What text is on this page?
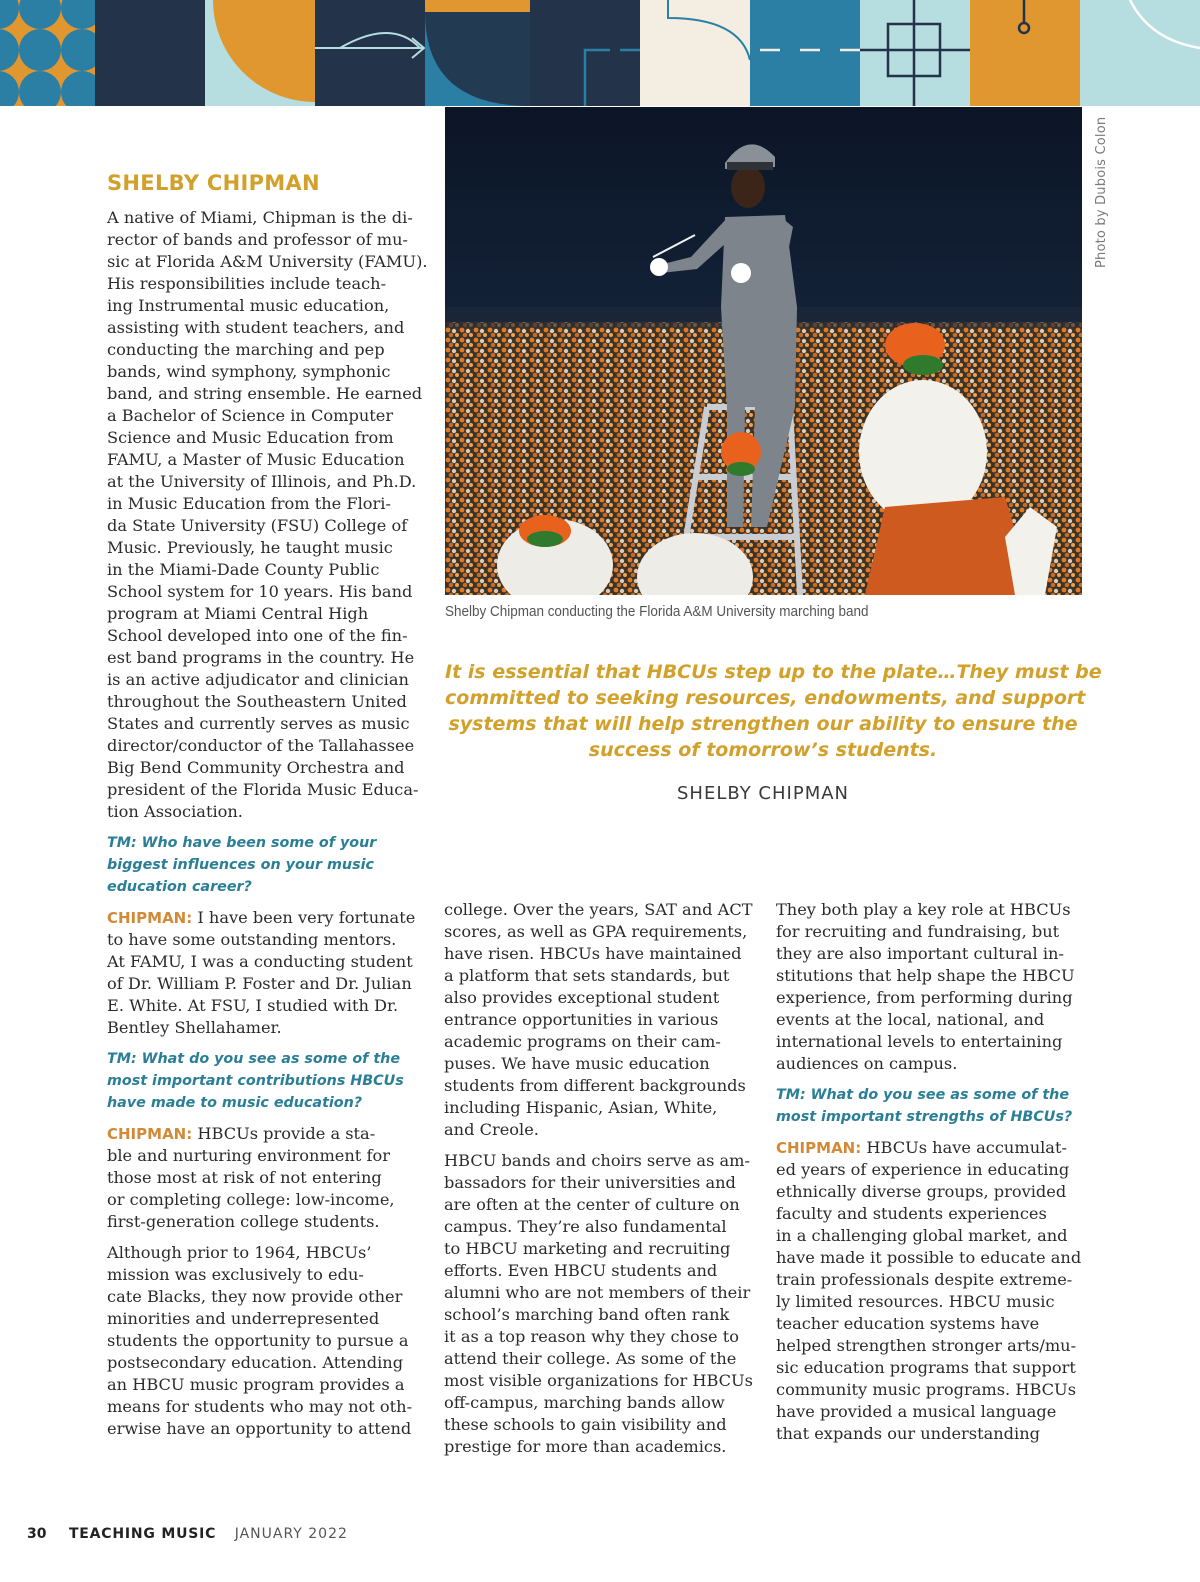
Photo by Dubois Colon
Shelby Chipman conducting the Florida A&M University marching band
It is essential that HBCUs step up to the plate…They must be
committed to seeking resources, endowments, and support
systems that will help strengthen our ability to ensure the
success of tomorrow’s students.
SHELBY CHIPMAN
SHELBY CHIPMAN

A native of Miami, Chipman is the di-
rector of bands and professor of mu-
sic at Florida A&M University (FAMU).
His responsibilities include teach-
ing Instrumental music education,
assisting with student teachers, and
conducting the marching and pep
bands, wind symphony, symphonic
band, and string ensemble. He earned
a Bachelor of Science in Computer
Science and Music Education from
FAMU, a Master of Music Education
at the University of Illinois, and Ph.D.
in Music Education from the Flori-
da State University (FSU) College of
Music. Previously, he taught music
in the Miami-Dade County Public
School system for 10 years. His band
program at Miami Central High
School developed into one of the fin-
est band programs in the country. He
is an active adjudicator and clinician
throughout the Southeastern United
States and currently serves as music
director/conductor of the Tallahassee
Big Bend Community Orchestra and
president of the Florida Music Educa-
tion Association.

TM: Who have been some of your
biggest influences on your music
education career?

CHIPMAN: I have been very fortunate
to have some outstanding mentors.
At FAMU, I was a conducting student
of Dr. William P. Foster and Dr. Julian
E. White. At FSU, I studied with Dr.
Bentley Shellahamer.

TM: What do you see as some of the
most important contributions HBCUs
have made to music education?

CHIPMAN: HBCUs provide a sta-
ble and nurturing environment for
those most at risk of not entering
or completing college: low-income,
first-generation college students.

Although prior to 1964, HBCUs’
mission was exclusively to edu-
cate Blacks, they now provide other
minorities and underrepresented
students the opportunity to pursue a
postsecondary education. Attending
an HBCU music program provides a
means for students who may not oth-
erwise have an opportunity to attend

college. Over the years, SAT and ACT
scores, as well as GPA requirements,
have risen. HBCUs have maintained
a platform that sets standards, but
also provides exceptional student
entrance opportunities in various
academic programs on their cam-
puses. We have music education
students from different backgrounds
including Hispanic, Asian, White,
and Creole.

HBCU bands and choirs serve as am-
bassadors for their universities and
are often at the center of culture on
campus. They’re also fundamental
to HBCU marketing and recruiting
efforts. Even HBCU students and
alumni who are not members of their
school’s marching band often rank
it as a top reason why they chose to
attend their college. As some of the
most visible organizations for HBCUs
off-campus, marching bands allow
these schools to gain visibility and
prestige for more than academics.

They both play a key role at HBCUs
for recruiting and fundraising, but
they are also important cultural in-
stitutions that help shape the HBCU
experience, from performing during
events at the local, national, and
international levels to entertaining
audiences on campus.

TM: What do you see as some of the
most important strengths of HBCUs?

CHIPMAN: HBCUs have accumulat-
ed years of experience in educating
ethnically diverse groups, provided
faculty and students experiences
in a challenging global market, and
have made it possible to educate and
train professionals despite extreme-
ly limited resources. HBCU music
teacher education systems have
helped strengthen stronger arts/mu-
sic education programs that support
community music programs. HBCUs
have provided a musical language
that expands our understanding

30 TEACHING MUSIC JANUARY 2022
